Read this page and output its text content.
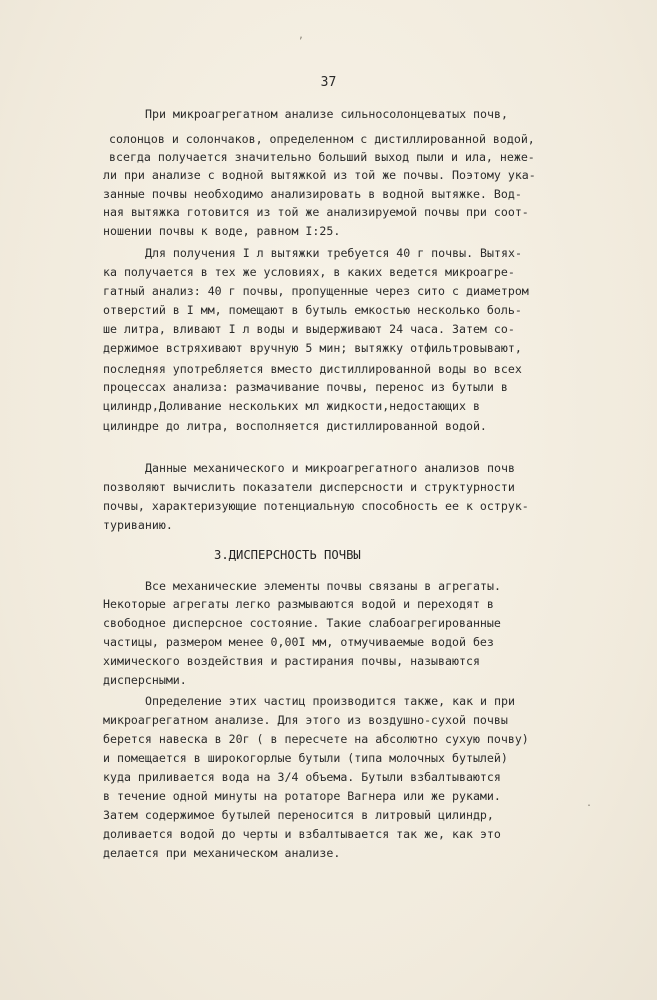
37
,
.
При микроагрегатном анализе сильносолонцеватых почв,
солонцов и солончаков, определенном с дистиллированной водой,
всегда получается значительно больший выход пыли и ила, нежe-
ли при анализе с водной вытяжкой из той же почвы. Поэтому ука-
занные почвы необходимо анализировать в водной вытяжке. Вод-
ная вытяжка готовится из той же анализируемой почвы при соот-
ношении почвы к воде, равном I:25.
Для получения I л вытяжки требуется 40 г почвы. Вытях-
ка получается в тех же условиях, в каких ведется микроагре-
гатный анализ: 40 г почвы, пропущенные через сито с диаметром
отверстий в I мм, помещают в бутыль емкостью несколько боль-
ше литра, вливают I л воды и выдерживают 24 часа. Затем со-
держимое встряхивают вручную 5 мин; вытяжку отфильтровывают,
последняя употребляется вместо дистиллированной воды во всех
процессах анализа: размачивание почвы, перенос из бутыли в
цилиндр,Доливание нескольких мл жидкости,недостающих в
цилиндре до литра, восполняется дистиллированной водой.
Данные механического и микроагрегатного анализов почв
позволяют вычислить показатели дисперсности и структурности
почвы, характеризующие потенциальную способность ее к острук-
туриванию.
3.ДИСПЕРСНОСТЬ ПОЧВЫ
Все механические элементы почвы связаны в агрегаты.
Некоторые агрегаты легко размываются водой и переходят в
свободное дисперсное состояние. Такие слабоагрегированные
частицы, размером менее 0,00I мм, отмучиваемые водой без
химического воздействия и растирания почвы, называются
дисперсными.
Определение этих частиц производится также, как и при
микроагрегатном анализе. Для этого из воздушно-сухой почвы
берется навеска в 20г ( в пересчете на абсолютно сухую почву)
и помещается в широкогорлые бутыли (типа молочных бутылей)
куда приливается вода на 3/4 объема. Бутыли взбалтываются
в течение одной минуты на ротаторе Вагнера или же руками.
Затем содержимое бутылей переносится в литровый цилиндр,
доливается водой до черты и взбалтывается так же, как это
делается при механическом анализе.
